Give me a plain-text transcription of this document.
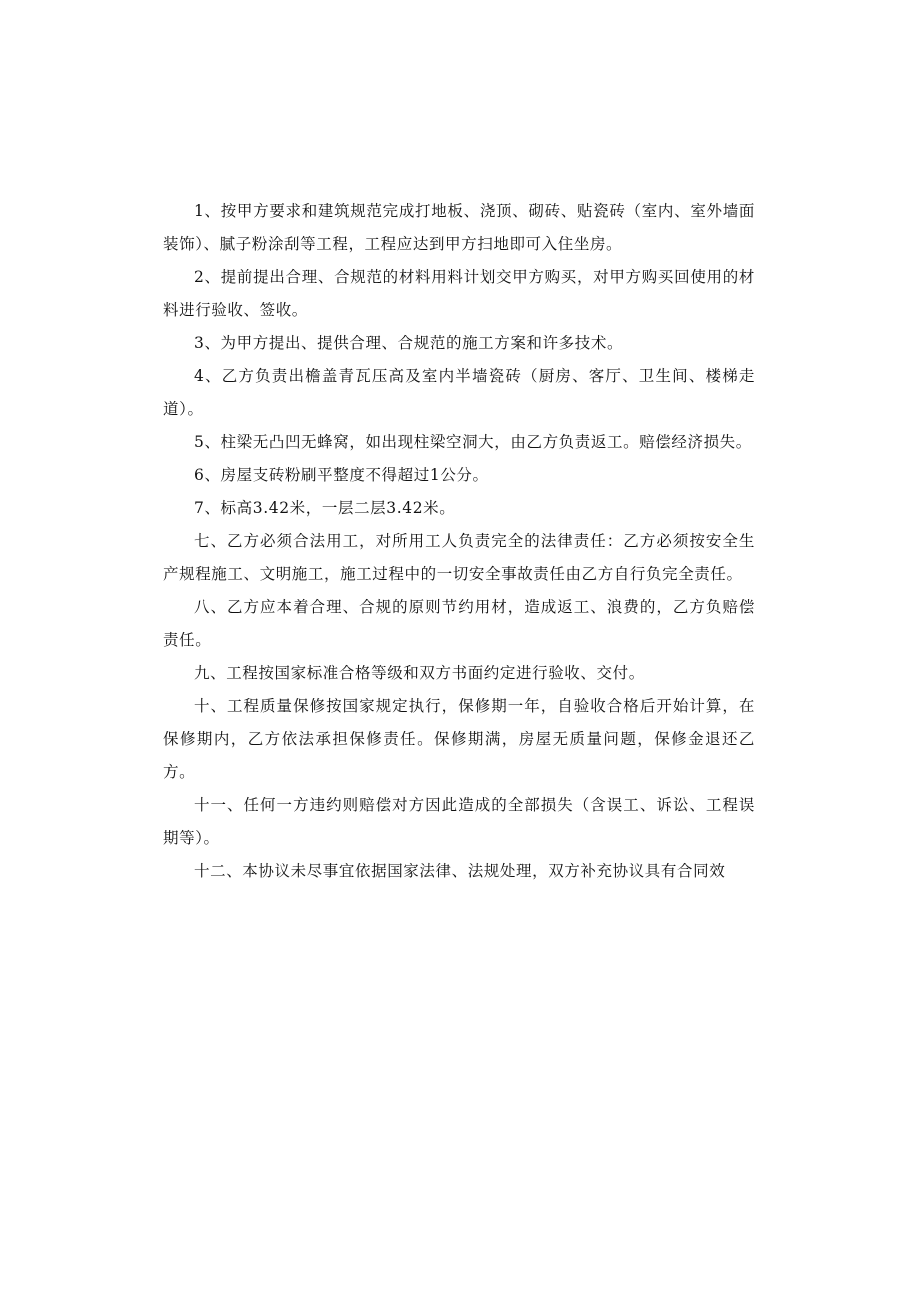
1、按甲方要求和建筑规范完成打地板、浇顶、砌砖、贴瓷砖（室内、室外墙面装饰）、腻子粉涂刮等工程，工程应达到甲方扫地即可入住坐房。

2、提前提出合理、合规范的材料用料计划交甲方购买，对甲方购买回使用的材料进行验收、签收。

3、为甲方提出、提供合理、合规范的施工方案和许多技术。

4、乙方负责出檐盖青瓦压高及室内半墙瓷砖（厨房、客厅、卫生间、楼梯走道）。

5、柱梁无凸凹无蜂窝，如出现柱梁空洞大，由乙方负责返工。赔偿经济损失。

6、房屋支砖粉刷平整度不得超过1公分。

7、标高3.42米，一层二层3.42米。

七、乙方必须合法用工，对所用工人负责完全的法律责任：乙方必须按安全生产规程施工、文明施工，施工过程中的一切安全事故责任由乙方自行负完全责任。

八、乙方应本着合理、合规的原则节约用材，造成返工、浪费的，乙方负赔偿责任。

九、工程按国家标准合格等级和双方书面约定进行验收、交付。

十、工程质量保修按国家规定执行，保修期一年，自验收合格后开始计算，在保修期内，乙方依法承担保修责任。保修期满，房屋无质量问题，保修金退还乙方。

十一、任何一方违约则赔偿对方因此造成的全部损失（含误工、诉讼、工程误期等）。

十二、本协议未尽事宜依据国家法律、法规处理，双方补充协议具有合同效
